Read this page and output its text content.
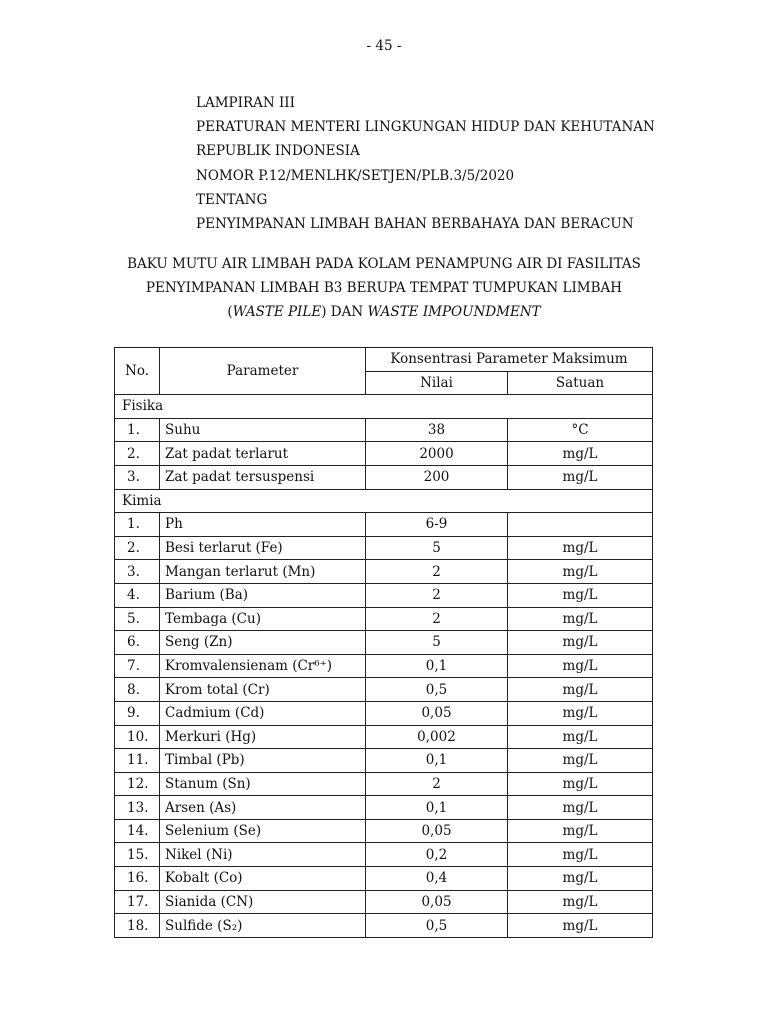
- 45 -
LAMPIRAN III
PERATURAN MENTERI LINGKUNGAN HIDUP DAN KEHUTANAN
REPUBLIK INDONESIA
NOMOR P.12/MENLHK/SETJEN/PLB.3/5/2020
TENTANG
PENYIMPANAN LIMBAH BAHAN BERBAHAYA DAN BERACUN
BAKU MUTU AIR LIMBAH PADA KOLAM PENAMPUNG AIR DI FASILITAS
PENYIMPANAN LIMBAH B3 BERUPA TEMPAT TUMPUKAN LIMBAH
(WASTE PILE) DAN WASTE IMPOUNDMENT
No.	Parameter	Konsentrasi Parameter Maksimum	
		Nilai	Satuan
Fisika			
1.	Suhu	38	°C
2.	Zat padat terlarut	2000	mg/L
3.	Zat padat tersuspensi	200	mg/L
Kimia			
1.	Ph	6-9	
2.	Besi terlarut (Fe)	5	mg/L
3.	Mangan terlarut (Mn)	2	mg/L
4.	Barium (Ba)	2	mg/L
5.	Tembaga (Cu)	2	mg/L
6.	Seng (Zn)	5	mg/L
7.	Kromvalensienam (Cr⁶⁺)	0,1	mg/L
8.	Krom total (Cr)	0,5	mg/L
9.	Cadmium (Cd)	0,05	mg/L
10.	Merkuri (Hg)	0,002	mg/L
11.	Timbal (Pb)	0,1	mg/L
12.	Stanum (Sn)	2	mg/L
13.	Arsen (As)	0,1	mg/L
14.	Selenium (Se)	0,05	mg/L
15.	Nikel (Ni)	0,2	mg/L
16.	Kobalt (Co)	0,4	mg/L
17.	Sianida (CN)	0,05	mg/L
18.	Sulfide (S₂)	0,5	mg/L
